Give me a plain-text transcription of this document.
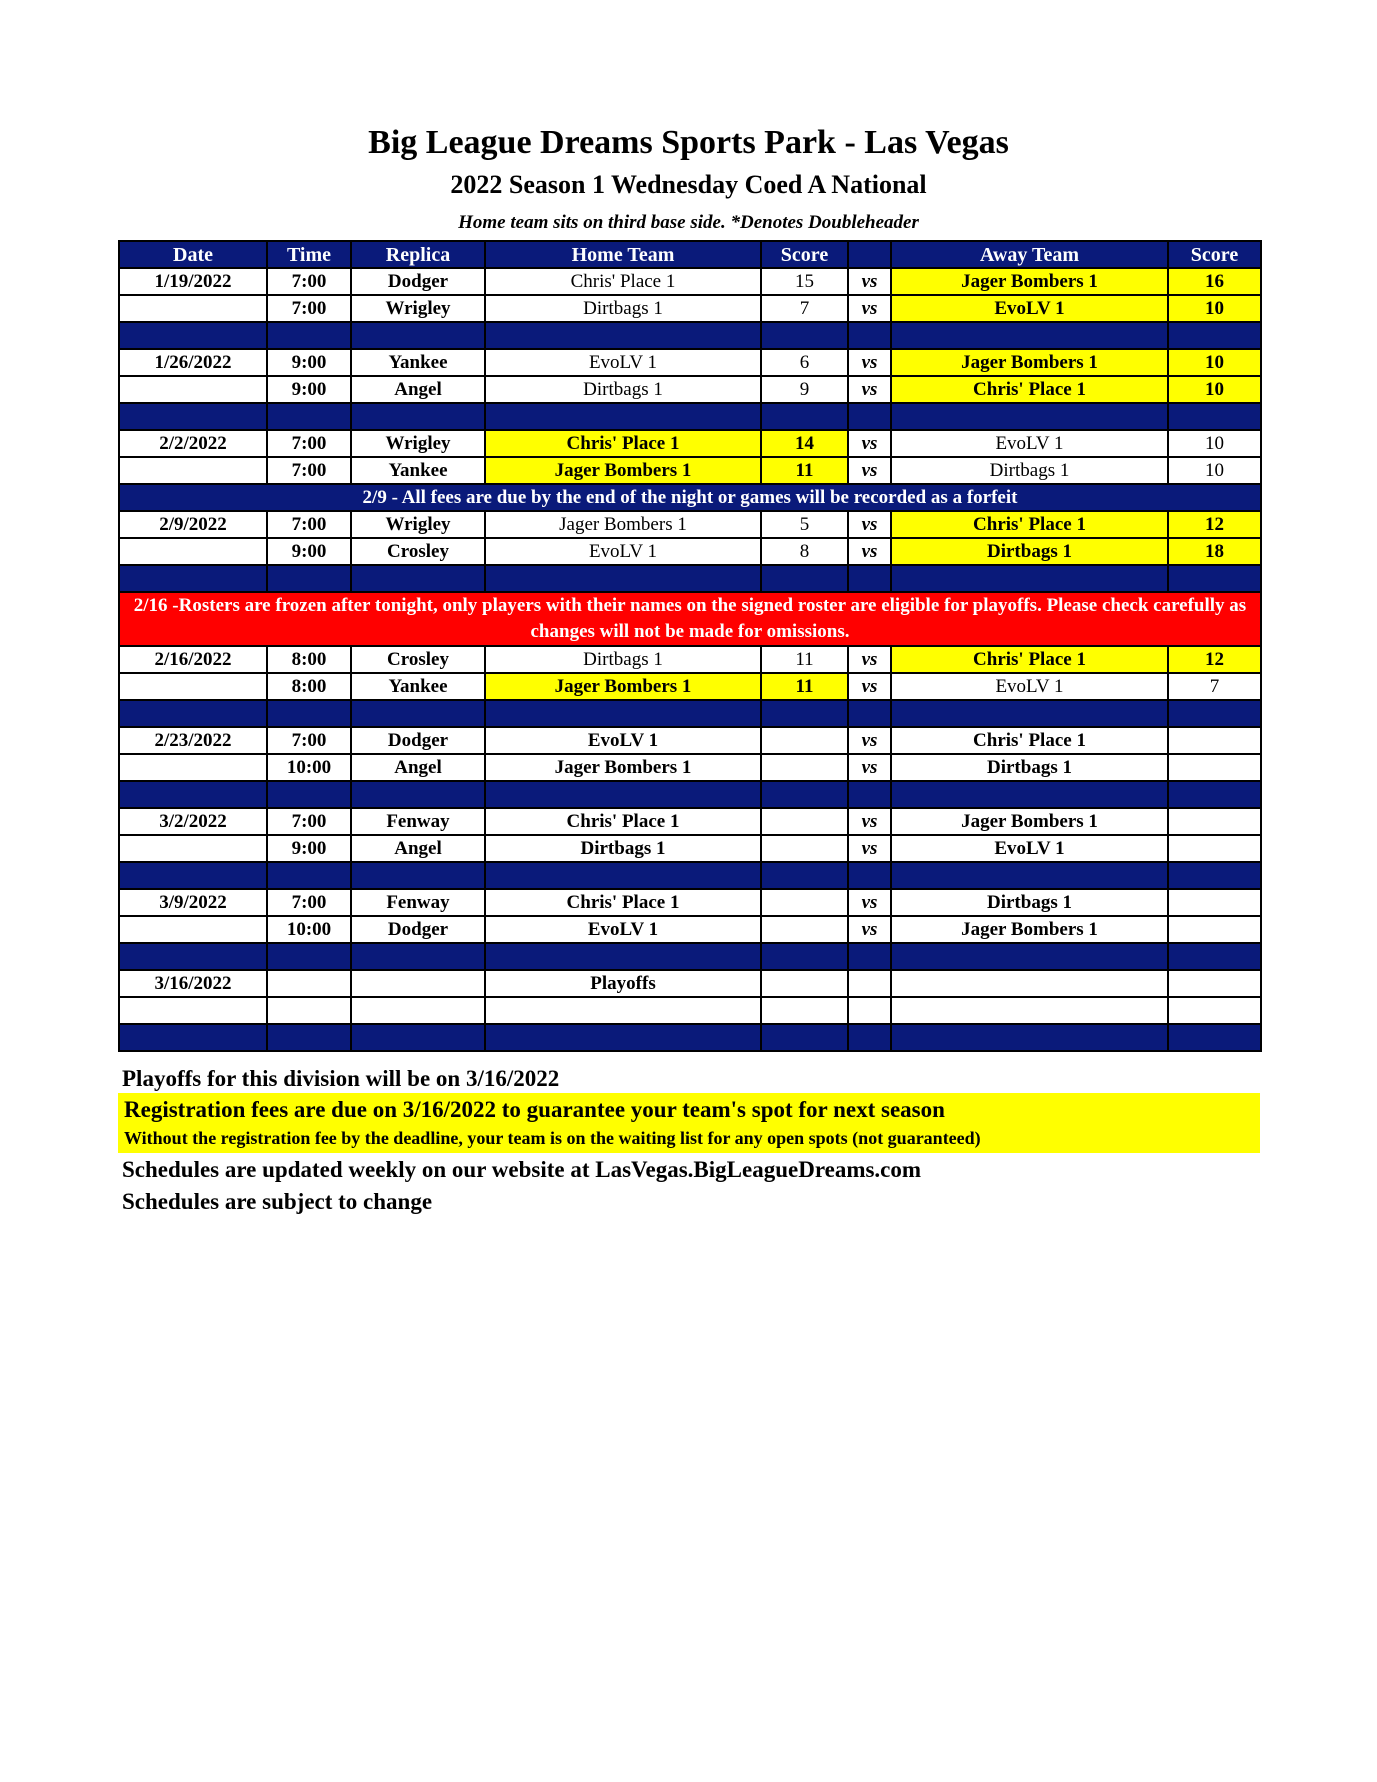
Big League Dreams Sports Park - Las Vegas
2022 Season 1 Wednesday Coed A National
Home team sits on third base side. *Denotes Doubleheader
Date	Time	Replica	Home Team	Score		Away Team	Score
1/19/2022	7:00	Dodger	Chris' Place 1	15	vs	Jager Bombers 1	16
	7:00	Wrigley	Dirtbags 1	7	vs	EvoLV 1	10

1/26/2022	9:00	Yankee	EvoLV 1	6	vs	Jager Bombers 1	10
	9:00	Angel	Dirtbags 1	9	vs	Chris' Place 1	10

2/2/2022	7:00	Wrigley	Chris' Place 1	14	vs	EvoLV 1	10
	7:00	Yankee	Jager Bombers 1	11	vs	Dirtbags 1	10
2/9 - All fees are due by the end of the night or games will be recorded as a forfeit							
2/9/2022	7:00	Wrigley	Jager Bombers 1	5	vs	Chris' Place 1	12
	9:00	Crosley	EvoLV 1	8	vs	Dirtbags 1	18

2/16 -Rosters are frozen after tonight, only players with their names on the signed roster are eligible for playoffs. Please check carefully as changes will not be made for omissions.							
2/16/2022	8:00	Crosley	Dirtbags 1	11	vs	Chris' Place 1	12
	8:00	Yankee	Jager Bombers 1	11	vs	EvoLV 1	7

2/23/2022	7:00	Dodger	EvoLV 1		vs	Chris' Place 1	
	10:00	Angel	Jager Bombers 1		vs	Dirtbags 1	

3/2/2022	7:00	Fenway	Chris' Place 1		vs	Jager Bombers 1	
	9:00	Angel	Dirtbags 1		vs	EvoLV 1	

3/9/2022	7:00	Fenway	Chris' Place 1		vs	Dirtbags 1	
	10:00	Dodger	EvoLV 1		vs	Jager Bombers 1	

3/16/2022			Playoffs				

Playoffs for this division will be on 3/16/2022
Registration fees are due on 3/16/2022 to guarantee your team's spot for next season
Without the registration fee by the deadline, your team is on the waiting list for any open spots (not guaranteed)
Schedules are updated weekly on our website at LasVegas.BigLeagueDreams.com
Schedules are subject to change
